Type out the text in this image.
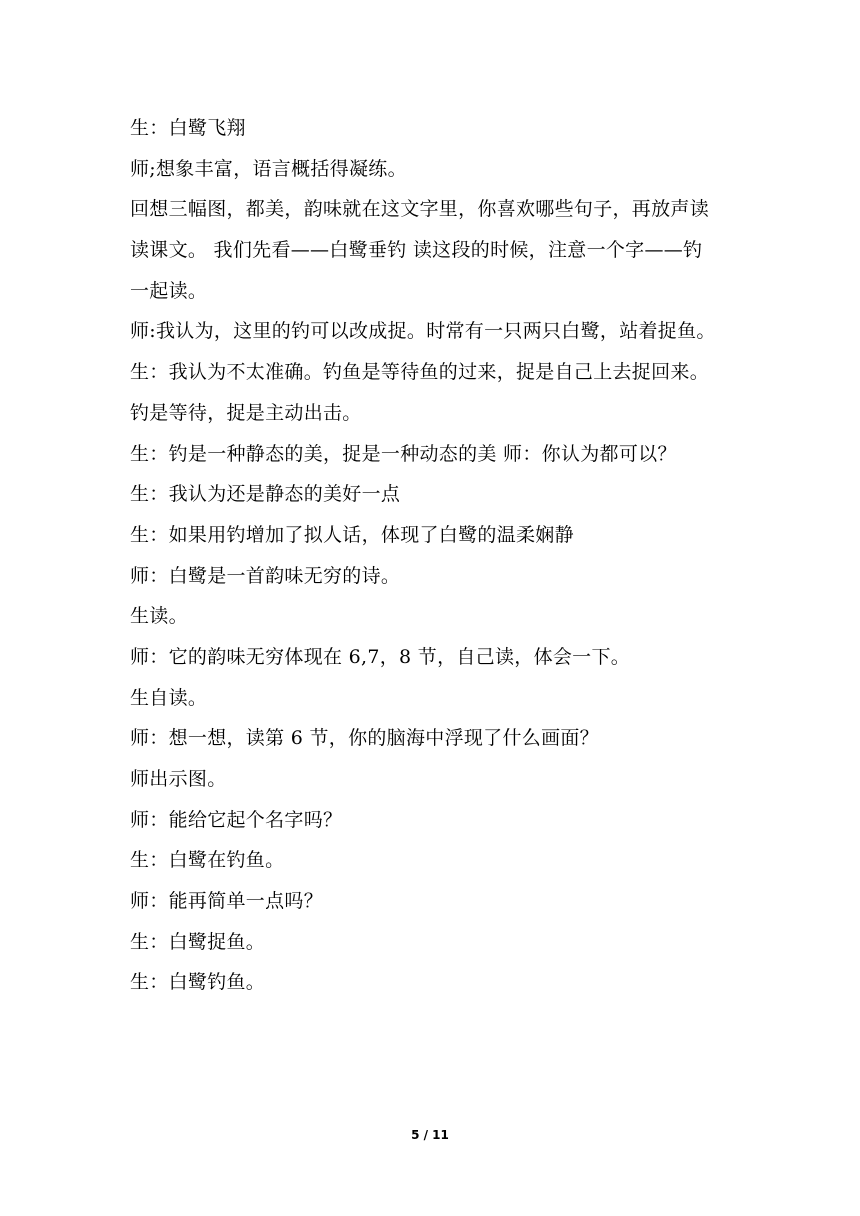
生：白鹭飞翔
师;想象丰富，语言概括得凝练。
回想三幅图，都美，韵味就在这文字里，你喜欢哪些句子，再放声读
读课文。 我们先看——白鹭垂钓 读这段的时候，注意一个字——钓
一起读。
师:我认为，这里的钓可以改成捉。时常有一只两只白鹭，站着捉鱼。
生：我认为不太准确。钓鱼是等待鱼的过来，捉是自己上去捉回来。
钓是等待，捉是主动出击。
生：钓是一种静态的美，捉是一种动态的美 师：你认为都可以？
生：我认为还是静态的美好一点
生：如果用钓增加了拟人话，体现了白鹭的温柔娴静
师：白鹭是一首韵味无穷的诗。
生读。
师：它的韵味无穷体现在 6,7，8 节，自己读，体会一下。
生自读。
师：想一想，读第 6 节，你的脑海中浮现了什么画面？
师出示图。
师：能给它起个名字吗？
生：白鹭在钓鱼。
师：能再简单一点吗？
生：白鹭捉鱼。
生：白鹭钓鱼。
5 / 11
